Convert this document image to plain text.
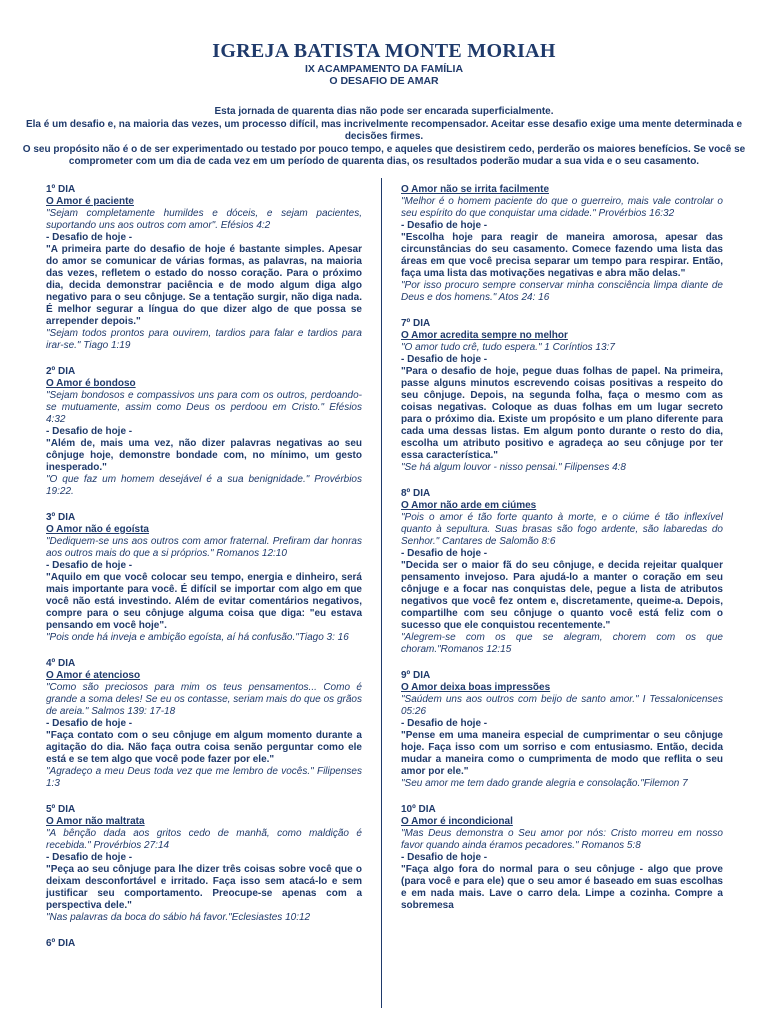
IGREJA BATISTA MONTE MORIAH
IX ACAMPAMENTO DA FAMÍLIA
O DESAFIO DE AMAR

Esta jornada de quarenta dias não pode ser encarada superficialmente.

Ela é um desafio e, na maioria das vezes, um processo difícil, mas incrivelmente recompensador. Aceitar esse desafio exige uma mente determinada e decisões firmes.

O seu propósito não é o de ser experimentado ou testado por pouco tempo, e aqueles que desistirem cedo, perderão os maiores benefícios. Se você se comprometer com um dia de cada vez em um período de quarenta dias, os resultados poderão mudar a sua vida e o seu casamento.

1º DIA
O Amor é paciente
"Sejam completamente humildes e dóceis, e sejam pacientes, suportando uns aos outros com amor". Efésios 4:2
- Desafio de hoje -
"A primeira parte do desafio de hoje é bastante simples. Apesar do amor se comunicar de várias formas, as palavras, na maioria das vezes, refletem o estado do nosso coração. Para o próximo dia, decida demonstrar paciência e de modo algum diga algo negativo para o seu cônjuge. Se a tentação surgir, não diga nada. É melhor segurar a língua do que dizer algo de que possa se arrepender depois."
"Sejam todos prontos para ouvirem, tardios para falar e tardios para irar-se." Tiago 1:19
2º DIA
O Amor é bondoso
"Sejam bondosos e compassivos uns para com os outros, perdoando-se mutuamente, assim como Deus os perdoou em Cristo." Efésios 4:32
- Desafio de hoje -
"Além de, mais uma vez, não dizer palavras negativas ao seu cônjuge hoje, demonstre bondade com, no mínimo, um gesto inesperado."
"O que faz um homem desejável é a sua benignidade." Provérbios 19:22.
3º DIA
O Amor não é egoísta
"Dediquem-se uns aos outros com amor fraternal. Prefiram dar honras aos outros mais do que a si próprios." Romanos 12:10
- Desafio de hoje -
"Aquilo em que você colocar seu tempo, energia e dinheiro, será mais importante para você. É difícil se importar com algo em que você não está investindo. Além de evitar comentários negativos, compre para o seu cônjuge alguma coisa que diga: "eu estava pensando em você hoje".
"Pois onde há inveja e ambição egoísta, aí há confusão."Tiago 3: 16
4º DIA
O Amor é atencioso
"Como são preciosos para mim os teus pensamentos... Como é grande a soma deles! Se eu os contasse, seriam mais do que os grãos de areia." Salmos 139: 17-18
- Desafio de hoje -
"Faça contato com o seu cônjuge em algum momento durante a agitação do dia. Não faça outra coisa senão perguntar como ele está e se tem algo que você pode fazer por ele."
"Agradeço a meu Deus toda vez que me lembro de vocês." Filipenses 1:3
5º DIA
O Amor não maltrata
"A bênção dada aos gritos cedo de manhã, como maldição é recebida." Provérbios 27:14
- Desafio de hoje -
"Peça ao seu cônjuge para lhe dizer três coisas sobre você que o deixam desconfortável e irritado. Faça isso sem atacá-lo e sem justificar seu comportamento. Preocupe-se apenas com a perspectiva dele."
"Nas palavras da boca do sábio há favor."Eclesiastes 10:12
6º DIA
O Amor não se irrita facilmente
"Melhor é o homem paciente do que o guerreiro, mais vale controlar o seu espírito do que conquistar uma cidade." Provérbios 16:32
- Desafio de hoje -
"Escolha hoje para reagir de maneira amorosa, apesar das circunstâncias do seu casamento. Comece fazendo uma lista das áreas em que você precisa separar um tempo para respirar. Então, faça uma lista das motivações negativas e abra mão delas."
"Por isso procuro sempre conservar minha consciência limpa diante de Deus e dos homens." Atos 24: 16
7º DIA
O Amor acredita sempre no melhor
"O amor tudo crê, tudo espera." 1 Coríntios 13:7
- Desafio de hoje -
"Para o desafio de hoje, pegue duas folhas de papel. Na primeira, passe alguns minutos escrevendo coisas positivas a respeito do seu cônjuge. Depois, na segunda folha, faça o mesmo com as coisas negativas. Coloque as duas folhas em um lugar secreto para o próximo dia. Existe um propósito e um plano diferente para cada uma dessas listas. Em algum ponto durante o resto do dia, escolha um atributo positivo e agradeça ao seu cônjuge por ter essa característica."
"Se há algum louvor - nisso pensai." Filipenses 4:8
8º DIA
O Amor não arde em ciúmes
"Pois o amor é tão forte quanto à morte, e o ciúme é tão inflexível quanto à sepultura. Suas brasas são fogo ardente, são labaredas do Senhor." Cantares de Salomão 8:6
- Desafio de hoje -
"Decida ser o maior fã do seu cônjuge, e decida rejeitar qualquer pensamento invejoso. Para ajudá-lo a manter o coração em seu cônjuge e a focar nas conquistas dele, pegue a lista de atributos negativos que você fez ontem e, discretamente, queime-a. Depois, compartilhe com seu cônjuge o quanto você está feliz com o sucesso que ele conquistou recentemente."
"Alegrem-se com os que se alegram, chorem com os que choram."Romanos 12:15
9º DIA
O Amor deixa boas impressões
"Saúdem uns aos outros com beijo de santo amor." I Tessalonicenses 05:26
- Desafio de hoje -
"Pense em uma maneira especial de cumprimentar o seu cônjuge hoje. Faça isso com um sorriso e com entusiasmo. Então, decida mudar a maneira como o cumprimenta de modo que reflita o seu amor por ele."
"Seu amor me tem dado grande alegria e consolação."Filemon 7
10º DIA
O Amor é incondicional
"Mas Deus demonstra o Seu amor por nós: Cristo morreu em nosso favor quando ainda éramos pecadores." Romanos 5:8
- Desafio de hoje -
"Faça algo fora do normal para o seu cônjuge - algo que prove (para você e para ele) que o seu amor é baseado em suas escolhas e em nada mais. Lave o carro dela. Limpe a cozinha. Compre a sobremesa
